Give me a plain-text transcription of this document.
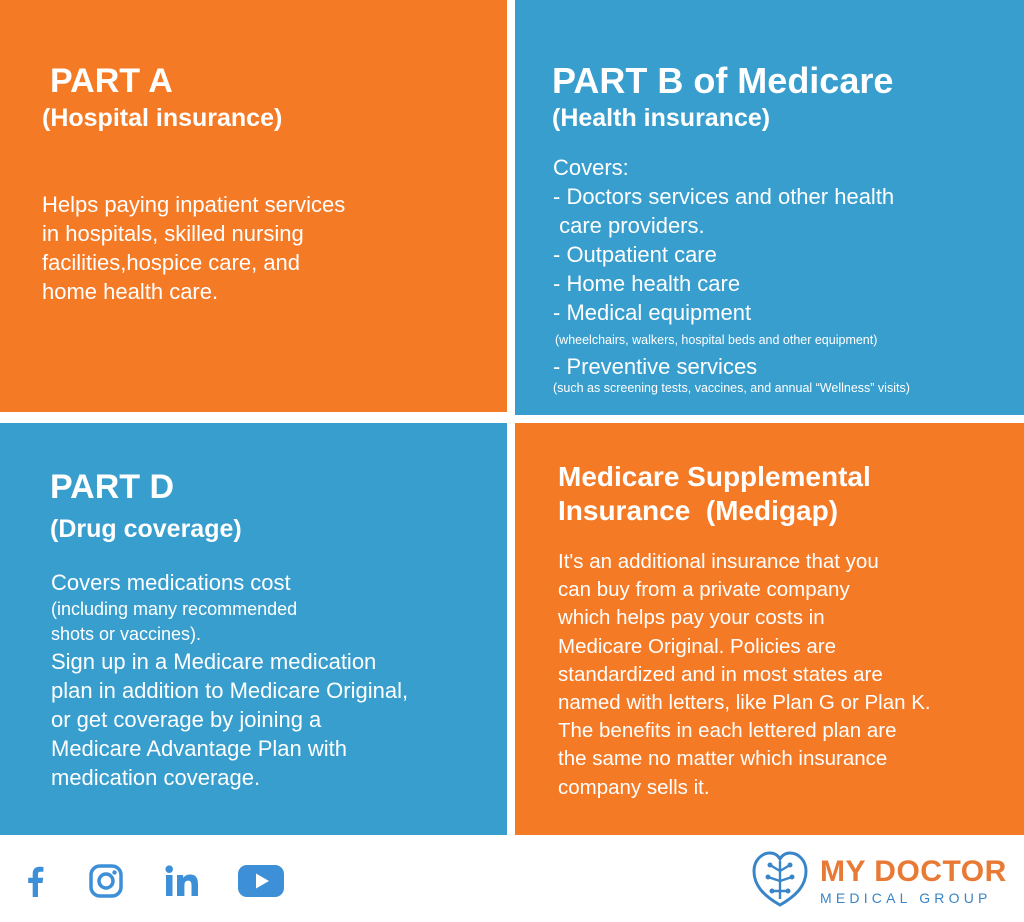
PART A
(Hospital insurance)
Helps paying inpatient services
in hospitals, skilled nursing
facilities,hospice care, and
home health care.
PART B of Medicare
(Health insurance)
Covers:
- Doctors services and other health
care providers.
- Outpatient care
- Home health care
- Medical equipment
(wheelchairs, walkers, hospital beds and other equipment)
- Preventive services
(such as screening tests, vaccines, and annual “Wellness” visits)
PART D
(Drug coverage)
Covers medications cost
(including many recommended
shots or vaccines).
Sign up in a Medicare medication
plan in addition to Medicare Original,
or get coverage by joining a
Medicare Advantage Plan with
medication coverage.
Medicare Supplemental
Insurance  (Medigap)
It's an additional insurance that you
can buy from a private company
which helps pay your costs in
Medicare Original. Policies are
standardized and in most states are
named with letters, like Plan G or Plan K.
The benefits in each lettered plan are
the same no matter which insurance
company sells it.
MY DOCTOR
MEDICAL GROUP
